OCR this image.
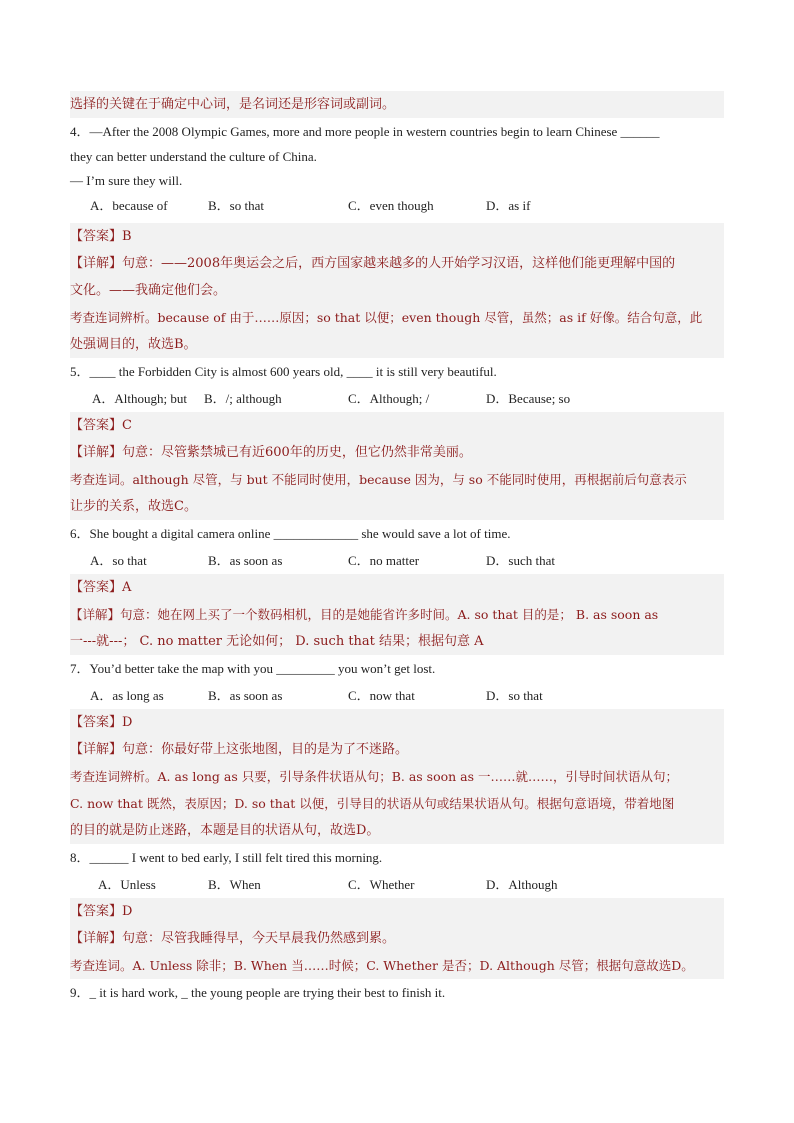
选择的关键在于确定中心词，是名词还是形容词或副词。
4．—After the 2008 Olympic Games, more and more people in western countries begin to learn Chinese ______
they can better understand the culture of China.
— I’m sure they will.
A．because of	B．so that	C．even though	D．as if
【答案】B
【详解】句意：——2008年奥运会之后，西方国家越来越多的人开始学习汉语，这样他们能更理解中国的
文化。——我确定他们会。
考查连词辨析。because of 由于……原因；so that 以便；even though 尽管，虽然；as if 好像。结合句意，此
处强调目的，故选B。
5．____ the Forbidden City is almost 600 years old, ____ it is still very beautiful.
A．Although; but	B．/; although	C．Although; /	D．Because; so
【答案】C
【详解】句意：尽管紫禁城已有近600年的历史，但它仍然非常美丽。
考查连词。although 尽管，与 but 不能同时使用，because 因为，与 so 不能同时使用，再根据前后句意表示
让步的关系，故选C。
6．She bought a digital camera online _____________ she would save a lot of time.
A．so that	B．as soon as	C．no matter	D．such that
【答案】A
【详解】句意：她在网上买了一个数码相机，目的是她能省许多时间。A. so that 目的是； B. as soon as
一---就---； C. no matter 无论如何； D. such that 结果；根据句意 A
7．You’d better take the map with you _________ you won’t get lost.
A．as long as	B．as soon as	C．now that	D．so that
【答案】D
【详解】句意：你最好带上这张地图，目的是为了不迷路。
考查连词辨析。A. as long as 只要，引导条件状语从句；B. as soon as 一……就……，引导时间状语从句；
C. now that 既然，表原因；D. so that 以便，引导目的状语从句或结果状语从句。根据句意语境，带着地图
的目的就是防止迷路，本题是目的状语从句，故选D。
8．______ I went to bed early, I still felt tired this morning.
A．Unless	B．When	C．Whether	D．Although
【答案】D
【详解】句意：尽管我睡得早，今天早晨我仍然感到累。
考查连词。A. Unless 除非；B. When 当……时候；C. Whether 是否；D. Although 尽管；根据句意故选D。
9．_ it is hard work, _ the young people are trying their best to finish it.
